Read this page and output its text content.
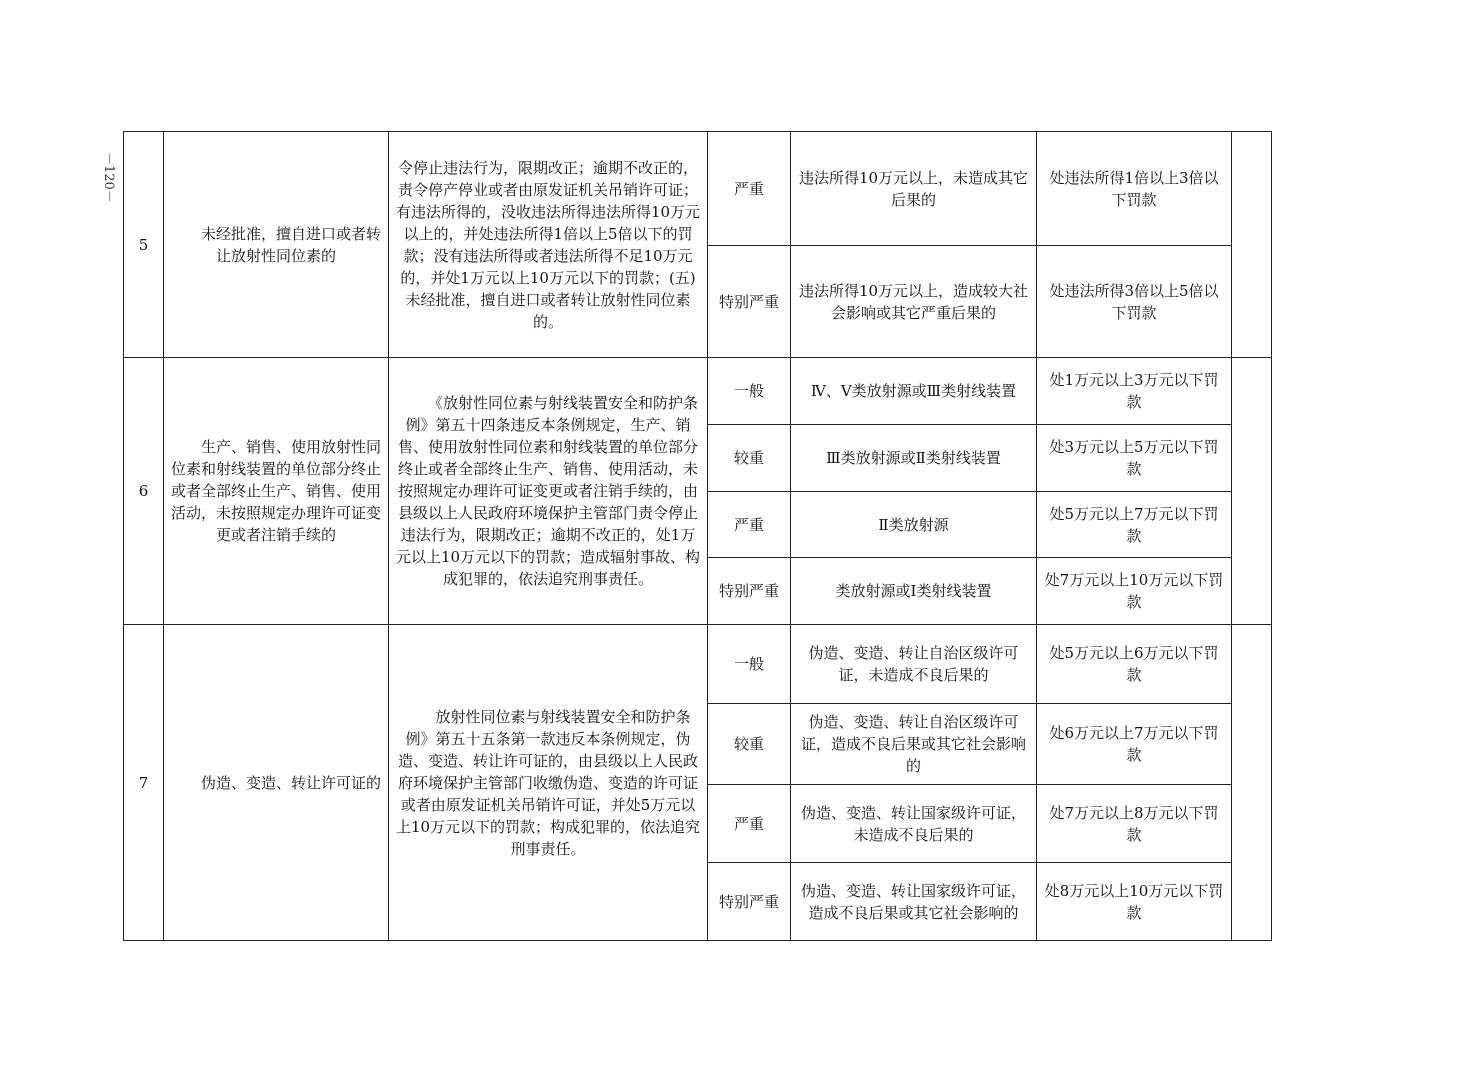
－120－
5	未经批准，擅自进口或者转让放射性同位素的	令停止违法行为，限期改正；逾期不改正的，责令停产停业或者由原发证机关吊销许可证；有违法所得的，没收违法所得违法所得10万元以上的，并处违法所得1倍以上5倍以下的罚款；没有违法所得或者违法所得不足10万元的，并处1万元以上10万元以下的罚款；(五)未经批准，擅自进口或者转让放射性同位素的。	严重	违法所得10万元以上，未造成其它后果的	处违法所得1倍以上3倍以下罚款	
			特别严重	违法所得10万元以上，造成较大社会影响或其它严重后果的	处违法所得3倍以上5倍以下罚款	
6	生产、销售、使用放射性同位素和射线装置的单位部分终止或者全部终止生产、销售、使用活动，未按照规定办理许可证变更或者注销手续的	《放射性同位素与射线装置安全和防护条例》第五十四条违反本条例规定，生产、销售、使用放射性同位素和射线装置的单位部分终止或者全部终止生产、销售、使用活动，未按照规定办理许可证变更或者注销手续的，由县级以上人民政府环境保护主管部门责令停止违法行为，限期改正；逾期不改正的，处1万元以上10万元以下的罚款；造成辐射事故、构成犯罪的，依法追究刑事责任。	一般	Ⅳ、Ⅴ类放射源或Ⅲ类射线装置	处1万元以上3万元以下罚款	
			较重	Ⅲ类放射源或Ⅱ类射线装置	处3万元以上5万元以下罚款	
			严重	Ⅱ类放射源	处5万元以上7万元以下罚款	
			特别严重	类放射源或I类射线装置	处7万元以上10万元以下罚款	
7	伪造、变造、转让许可证的	放射性同位素与射线装置安全和防护条例》第五十五条第一款违反本条例规定，伪造、变造、转让许可证的，由县级以上人民政府环境保护主管部门收缴伪造、变造的许可证或者由原发证机关吊销许可证，并处5万元以上10万元以下的罚款；构成犯罪的，依法追究刑事责任。	一般	伪造、变造、转让自治区级许可证，未造成不良后果的	处5万元以上6万元以下罚款	
			较重	伪造、变造、转让自治区级许可证，造成不良后果或其它社会影响的	处6万元以上7万元以下罚款	
			严重	伪造、变造、转让国家级许可证，未造成不良后果的	处7万元以上8万元以下罚款	
			特别严重	伪造、变造、转让国家级许可证，造成不良后果或其它社会影响的	处8万元以上10万元以下罚款	
